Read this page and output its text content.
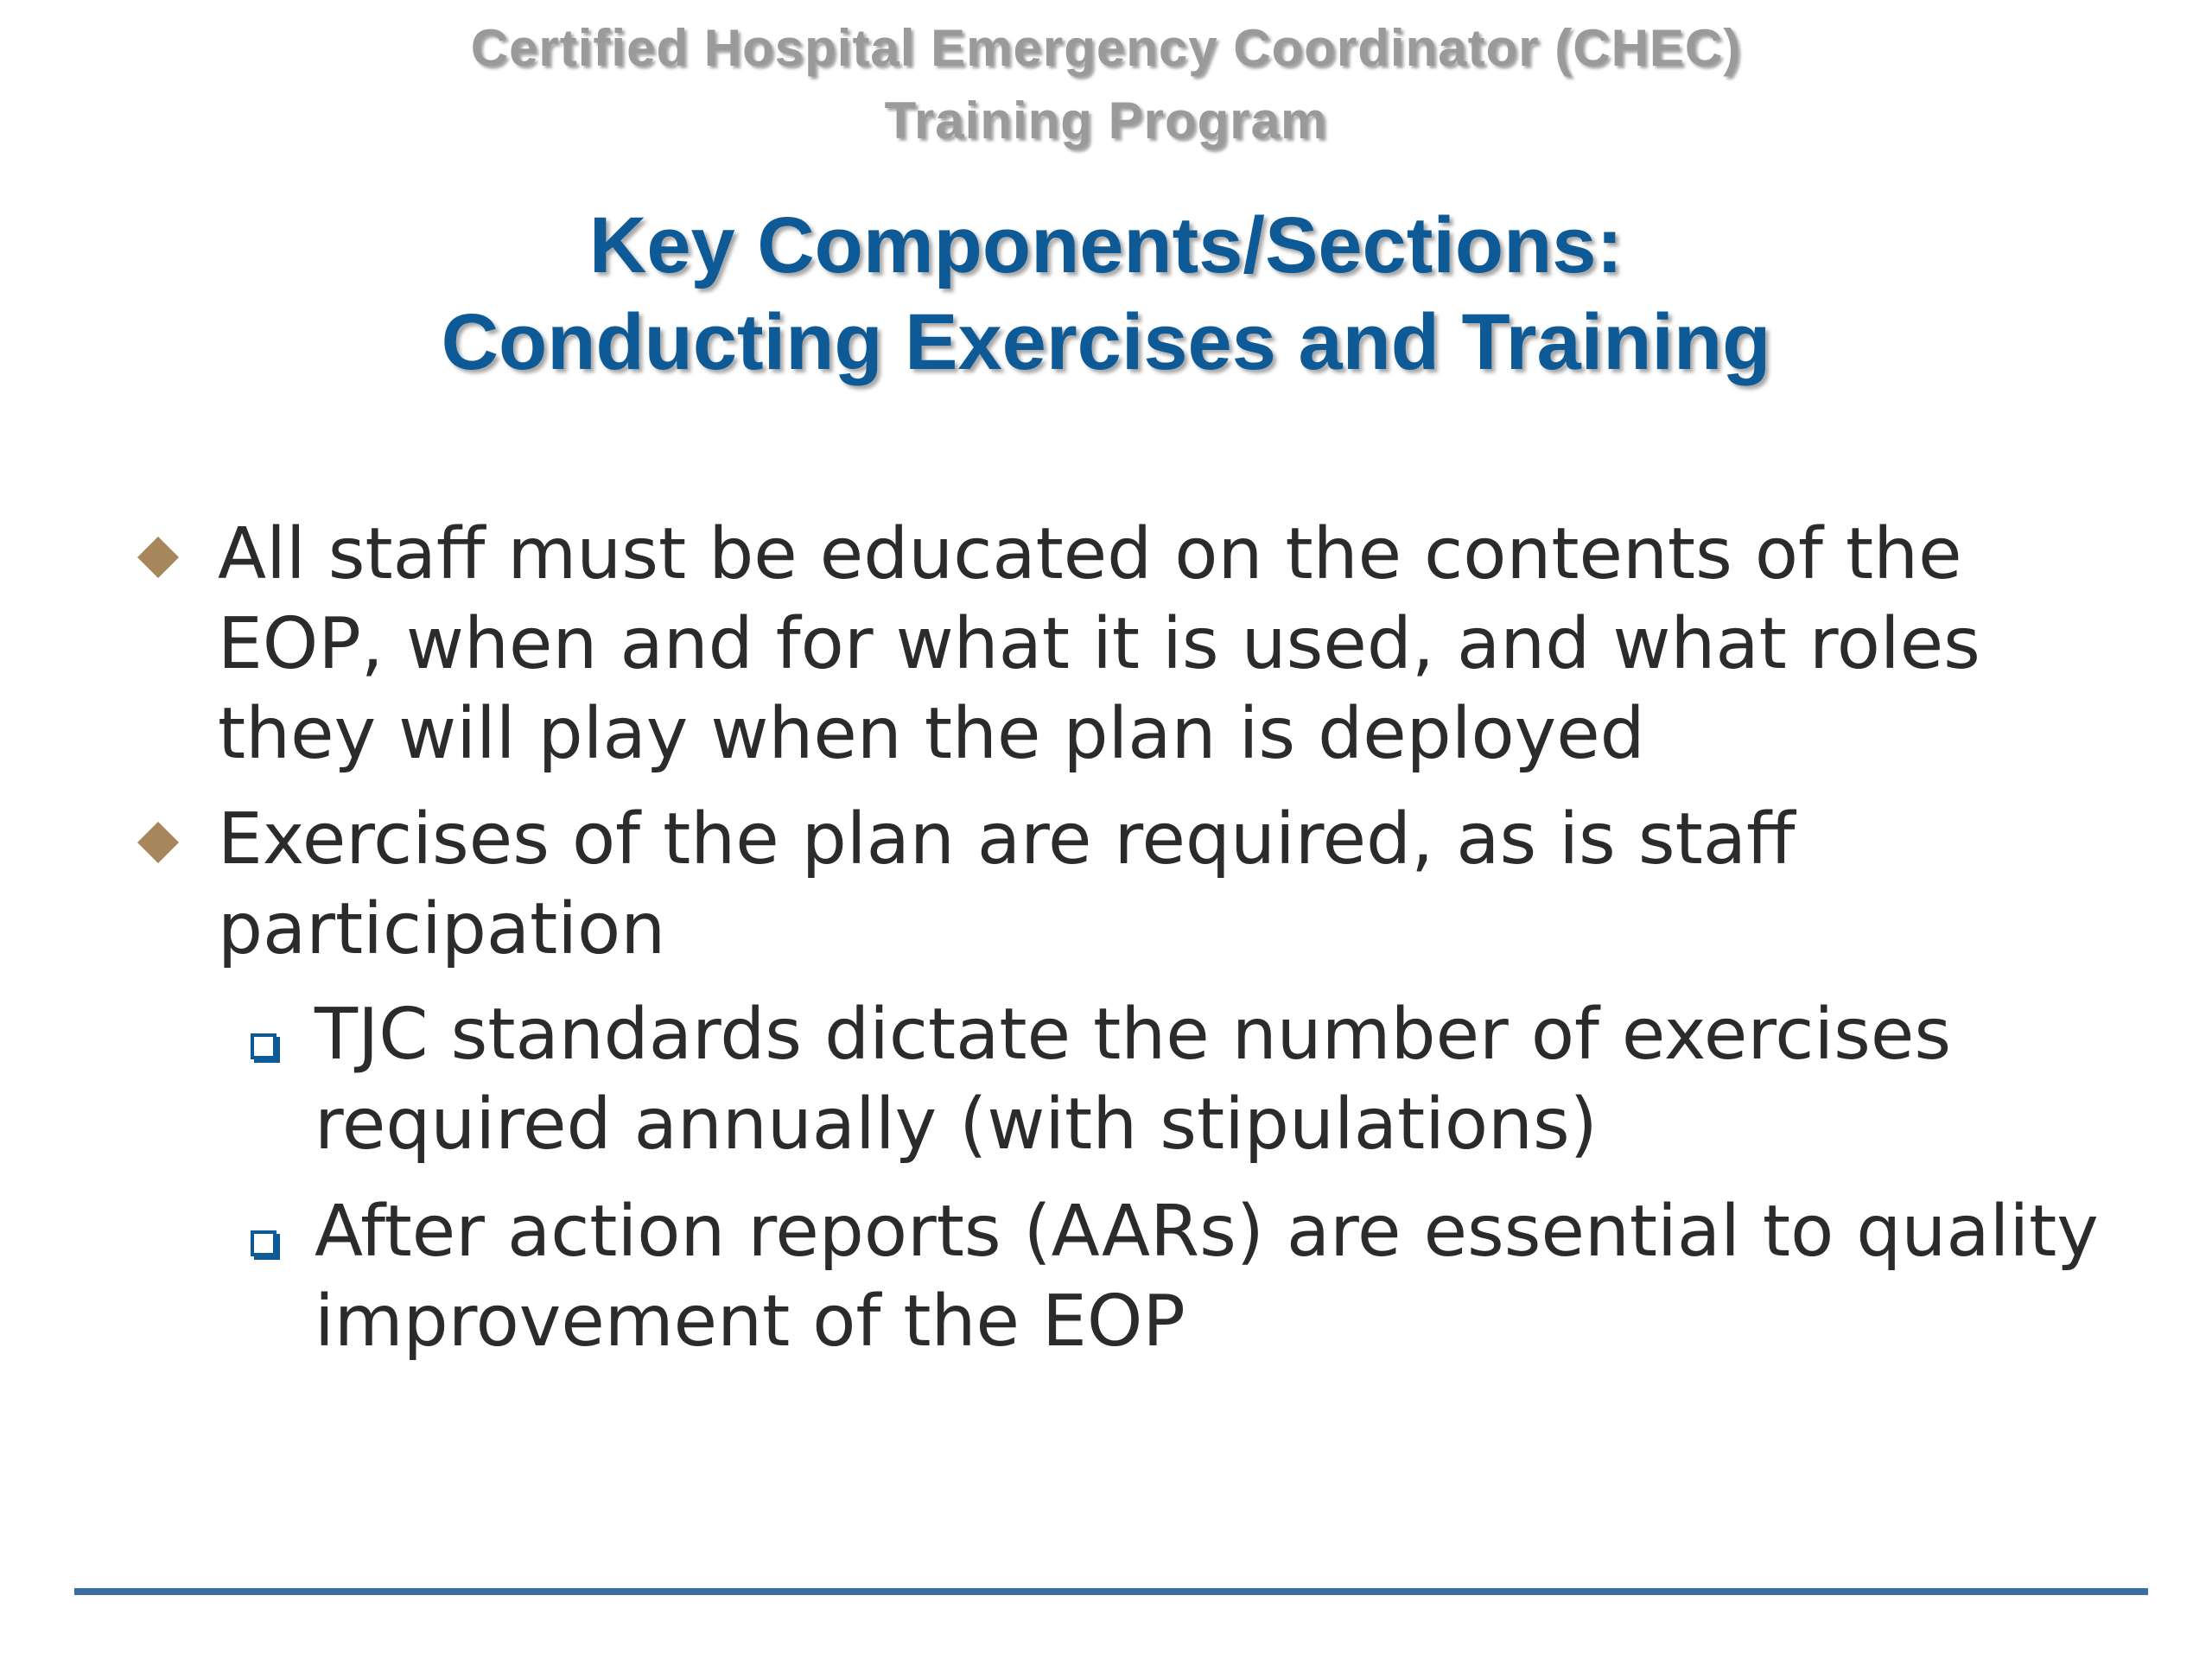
Certified Hospital Emergency Coordinator (CHEC)
Training Program
Key Components/Sections:
Conducting Exercises and Training
All staff must be educated on the contents of the EOP, when and for what it is used, and what roles they will play when the plan is deployed
Exercises of the plan are required, as is staff participation
TJC standards dictate the number of exercises required annually (with stipulations)
After action reports (AARs) are essential to quality improvement of the EOP
